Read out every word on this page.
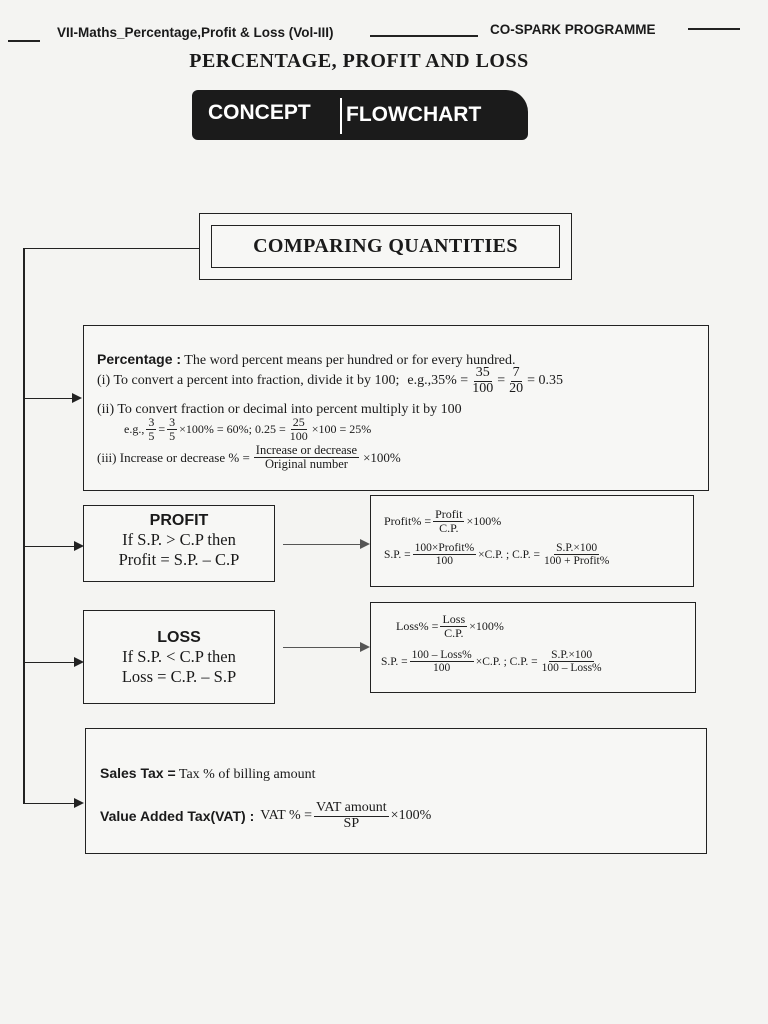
VII-Maths_Percentage,Profit & Loss (Vol-III)	CO-SPARK PROGRAMME
PERCENTAGE, PROFIT AND LOSS
CONCEPT FLOWCHART
COMPARING QUANTITIES
Percentage : The word percent means per hundred or for every hundred.
(i) To convert a percent into fraction, divide it by 100; $e.g.,35\% = \frac{35}{100} = \frac{7}{20} = 0.35$
(ii) To convert fraction or decimal into percent multiply it by 100
e.g., $\frac{3}{5} = \frac{3}{5} \times 100\% = 60\%$; $0.25 = \frac{25}{100} \times 100 = 25\%$
(iii) Increase or decrease % = $\frac{\text{Increase or decrease}}{\text{Original number}} \times 100\%$
PROFIT
If S.P. > C.P then
Profit = S.P. – C.P
Profit% = $\frac{\text{Profit}}{C.P.} \times 100\%$
S.P. = $\frac{\text{100×Profit\%}}{100} \times C.P$. ; C.P. = $\frac{S.P.\times 100}{\text{100 + Profit\%}}$
LOSS
If S.P. < C.P then
Loss = C.P. – S.P
Loss% = $\frac{\text{Loss}}{C.P.} \times 100\%$
S.P. = $\frac{\text{100 – Loss\%}}{100} \times C.P$. ; C.P. = $\frac{S.P.\times 100}{\text{100 – Loss\%}}$
Sales Tax = Tax % of billing amount
Value Added Tax(VAT) : VAT % = $\frac{\text{VAT amount}}{SP} \times 100\%$
